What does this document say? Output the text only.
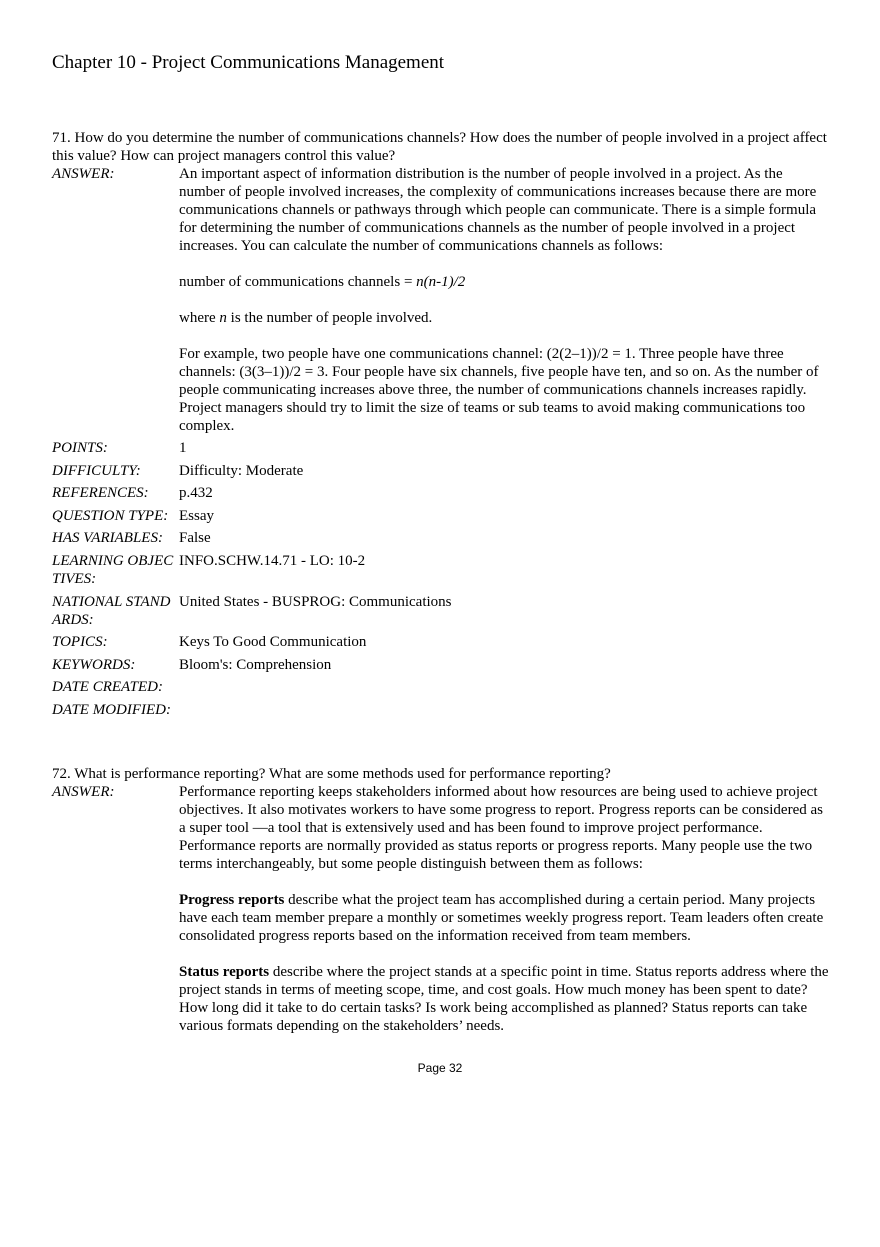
Chapter 10 - Project Communications Management
71. How do you determine the number of communications channels? How does the number of people involved in a project affect this value? How can project managers control this value?
ANSWER:	An important aspect of information distribution is the number of people involved in a project. As the number of people involved increases, the complexity of communications increases because there are more communications channels or pathways through which people can communicate. There is a simple formula for determining the number of communications channels as the number of people involved in a project increases. You can calculate the number of communications channels as follows:
number of communications channels = n(n-1)/2
where n is the number of people involved.
For example, two people have one communications channel: (2(2–1))/2 = 1. Three people have three channels: (3(3–1))/2 = 3. Four people have six channels, five people have ten, and so on. As the number of people communicating increases above three, the number of communications channels increases rapidly. Project managers should try to limit the size of teams or sub teams to avoid making communications too complex.
POINTS:	1
DIFFICULTY:	Difficulty: Moderate
REFERENCES:	p.432
QUESTION TYPE: Essay
HAS VARIABLES:	False
LEARNING OBJECTIVES:
INFO.SCHW.14.71 - LO: 10-2
NATIONAL STANDARDS:
United States - BUSPROG: Communications
TOPICS:	Keys To Good Communication
KEYWORDS:	Bloom's: Comprehension
DATE CREATED:
DATE MODIFIED:
72. What is performance reporting? What are some methods used for performance reporting?
ANSWER:	Performance reporting keeps stakeholders informed about how resources are being used to achieve project objectives. It also motivates workers to have some progress to report. Progress reports can be considered as a super tool —a tool that is extensively used and has been found to improve project performance. Performance reports are normally provided as status reports or progress reports. Many people use the two terms interchangeably, but some people distinguish between them as follows:
Progress reports describe what the project team has accomplished during a certain period. Many projects have each team member prepare a monthly or sometimes weekly progress report. Team leaders often create consolidated progress reports based on the information received from team members.
Status reports describe where the project stands at a specific point in time. Status reports address where the project stands in terms of meeting scope, time, and cost goals. How much money has been spent to date? How long did it take to do certain tasks? Is work being accomplished as planned? Status reports can take various formats depending on the stakeholders’ needs.
Page 32
